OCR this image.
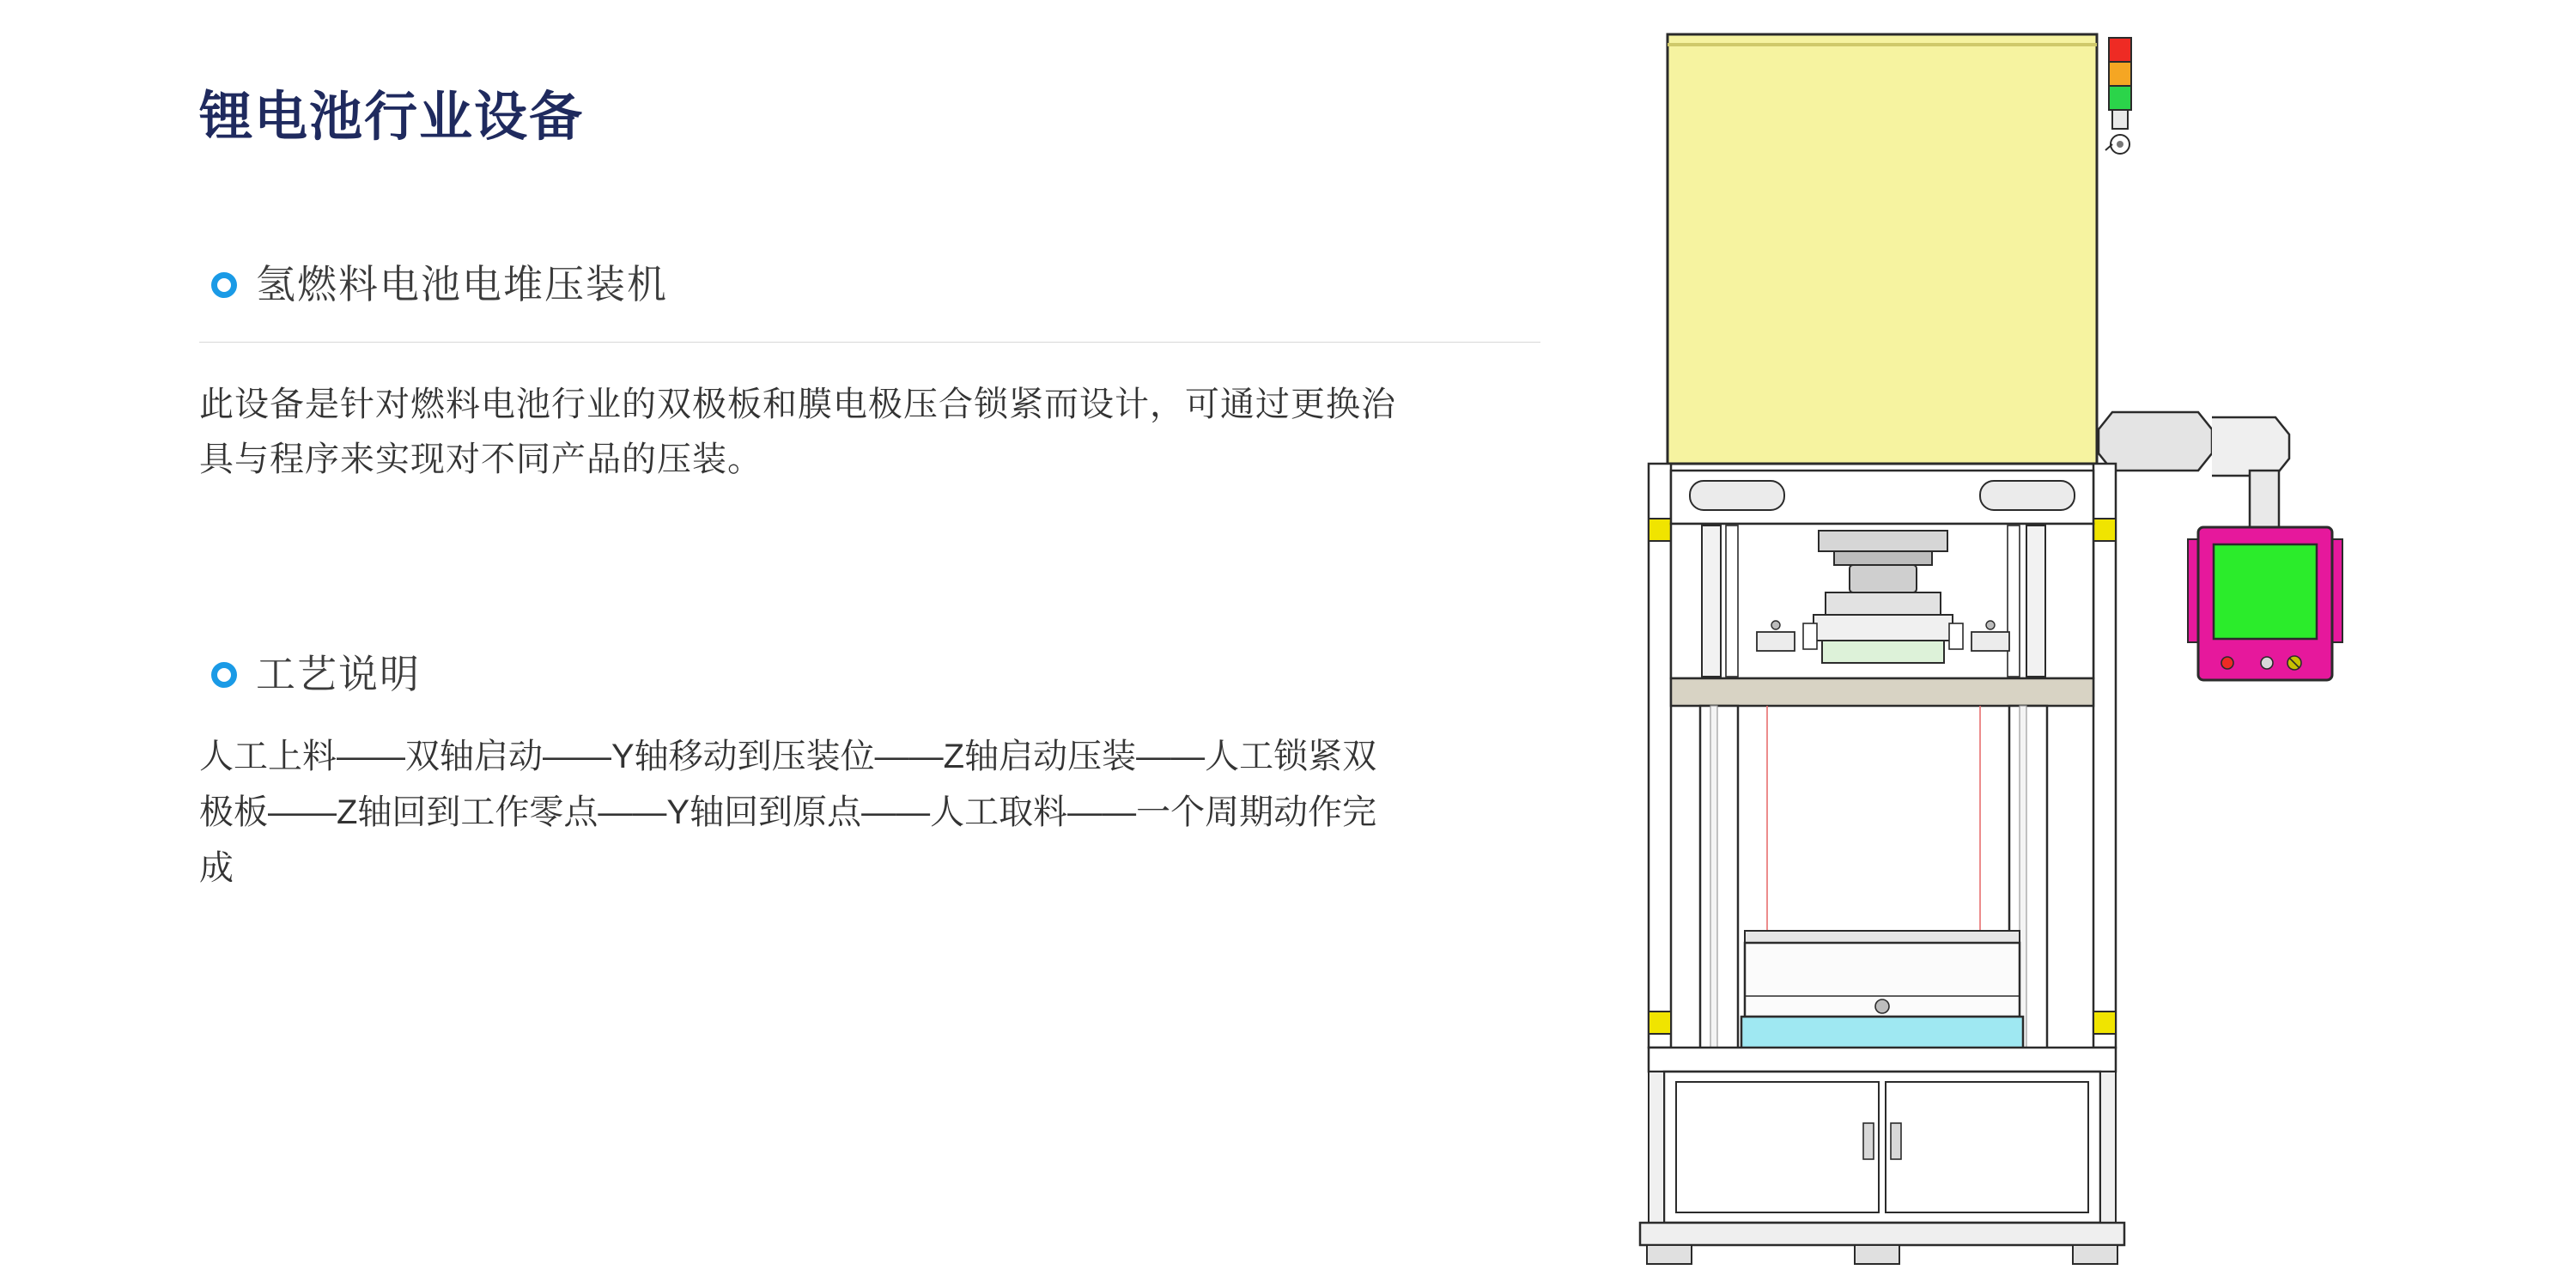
锂电池行业设备
氢燃料电池电堆压装机

此设备是针对燃料电池行业的双极板和膜电极压合锁紧而设计，可通过更换治具与程序来实现对不同产品的压装。

工艺说明

人工上料——双轴启动——Y轴移动到压装位——Z轴启动压装——人工锁紧双极板——Z轴回到工作零点——Y轴回到原点——人工取料——一个周期动作完成
